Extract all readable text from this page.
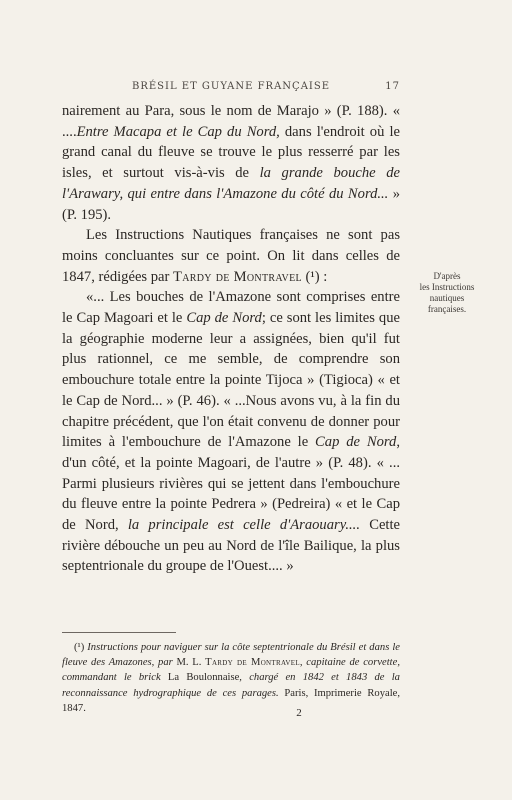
BRÉSIL ET GUYANE FRANÇAISE	17

nairement au Para, sous le nom de Marajo » (P. 188). « ....Entre Macapa et le Cap du Nord, dans l'endroit où le grand canal du fleuve se trouve le plus resserré par les isles, et surtout vis-à-vis de la grande bouche de l'Arawary, qui entre dans l'Amazone du côté du Nord... » (P. 195).

Les Instructions Nautiques françaises ne sont pas moins concluantes sur ce point. On lit dans celles de 1847, rédigées par Tardy de Montravel (¹) :

«... Les bouches de l'Amazone sont comprises entre le Cap Magoari et le Cap de Nord; ce sont les limites que la géographie moderne leur a assignées, bien qu'il fut plus rationnel, ce me semble, de comprendre son embouchure totale entre la pointe Tijoca » (Tigioca) « et le Cap de Nord... » (P. 46). « ...Nous avons vu, à la fin du chapitre précédent, que l'on était convenu de donner pour limites à l'embouchure de l'Amazone le Cap de Nord, d'un côté, et la pointe Magoari, de l'autre » (P. 48). « ... Parmi plusieurs rivières qui se jettent dans l'embouchure du fleuve entre la pointe Pedrera » (Pedreira) « et le Cap de Nord, la principale est celle d'Araouary.... Cette rivière débouche un peu au Nord de l'île Bailique, la plus septentrionale du groupe de l'Ouest.... »

D'après
les Instructions
nautiques
françaises.
(¹) Instructions pour naviguer sur la côte septentrionale du Brésil et dans le fleuve des Amazones, par M. L. Tardy de Montravel, capitaine de corvette, commandant le brick La Boulonnaise, chargé en 1842 et 1843 de la reconnaissance hydrographique de ces parages. Paris, Imprimerie Royale, 1847.	2
